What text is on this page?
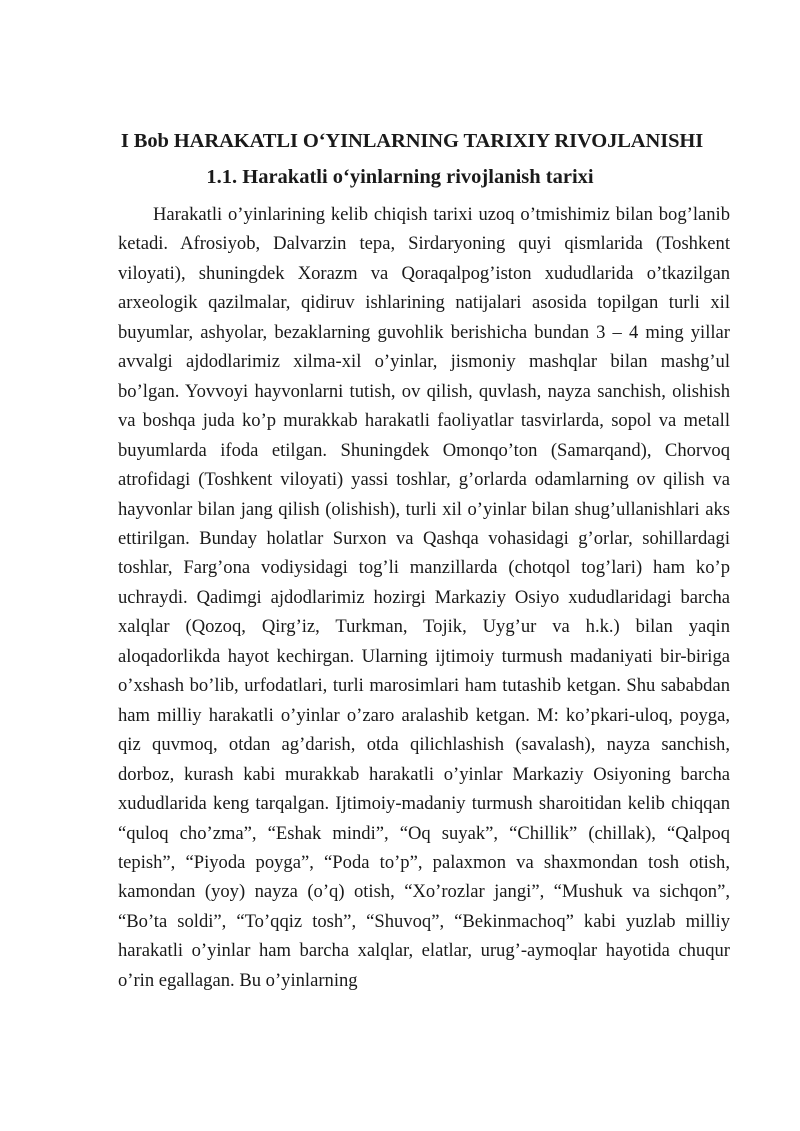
I Bob HARAKATLI O‘YINLARNING TARIXIY RIVOJLANISHI
1.1. Harakatli o‘yinlarning rivojlanish tarixi

Harakatli o’yinlarining kelib chiqish tarixi uzoq o’tmishimiz bilan bog’lanib ketadi. Afrosiyob, Dalvarzin tepa, Sirdaryoning quyi qismlarida (Toshkent viloyati), shuningdek Xorazm va Qoraqalpog’iston xududlarida o’tkazilgan arxeologik qazilmalar, qidiruv ishlarining natijalari asosida topilgan turli xil buyumlar, ashyolar, bezaklarning guvohlik berishicha bundan 3 – 4 ming yillar avvalgi ajdodlarimiz xilma-xil o’yinlar, jismoniy mashqlar bilan mashg’ul bo’lgan. Yovvoyi hayvonlarni tutish, ov qilish, quvlash, nayza sanchish, olishish va boshqa juda ko’p murakkab harakatli faoliyatlar tasvirlarda, sopol va metall buyumlarda ifoda etilgan. Shuningdek Omonqo’ton (Samarqand), Chorvoq atrofidagi (Toshkent viloyati) yassi toshlar, g’orlarda odamlarning ov qilish va hayvonlar bilan jang qilish (olishish), turli xil o’yinlar bilan shug’ullanishlari aks ettirilgan. Bunday holatlar Surxon va Qashqa vohasidagi g’orlar, sohillardagi toshlar, Farg’ona vodiysidagi tog’li manzillarda (chotqol tog’lari) ham ko’p uchraydi. Qadimgi ajdodlarimiz hozirgi Markaziy Osiyo xududlaridagi barcha xalqlar (Qozoq, Qirg’iz, Turkman, Tojik, Uyg’ur va h.k.) bilan yaqin aloqadorlikda hayot kechirgan. Ularning ijtimoiy turmush madaniyati bir-biriga o’xshash bo’lib, urfodatlari, turli marosimlari ham tutashib ketgan. Shu sababdan ham milliy harakatli o’yinlar o’zaro aralashib ketgan. M: ko’pkari-uloq, poyga, qiz quvmoq, otdan ag’darish, otda qilichlashish (savalash), nayza sanchish, dorboz, kurash kabi murakkab harakatli o’yinlar Markaziy Osiyoning barcha xududlarida keng tarqalgan. Ijtimoiy-madaniy turmush sharoitidan kelib chiqqan “quloq cho’zma”, “Eshak mindi”, “Oq suyak”, “Chillik” (chillak), “Qalpoq tepish”, “Piyoda poyga”, “Poda to’p”, palaxmon va shaxmondan tosh otish, kamondan (yoy) nayza (o’q) otish, “Xo’rozlar jangi”, “Mushuk va sichqon”, “Bo’ta soldi”, “To’qqiz tosh”, “Shuvoq”, “Bekinmachoq” kabi yuzlab milliy harakatli o’yinlar ham barcha xalqlar, elatlar, urug’-aymoqlar hayotida chuqur o’rin egallagan. Bu o’yinlarning
